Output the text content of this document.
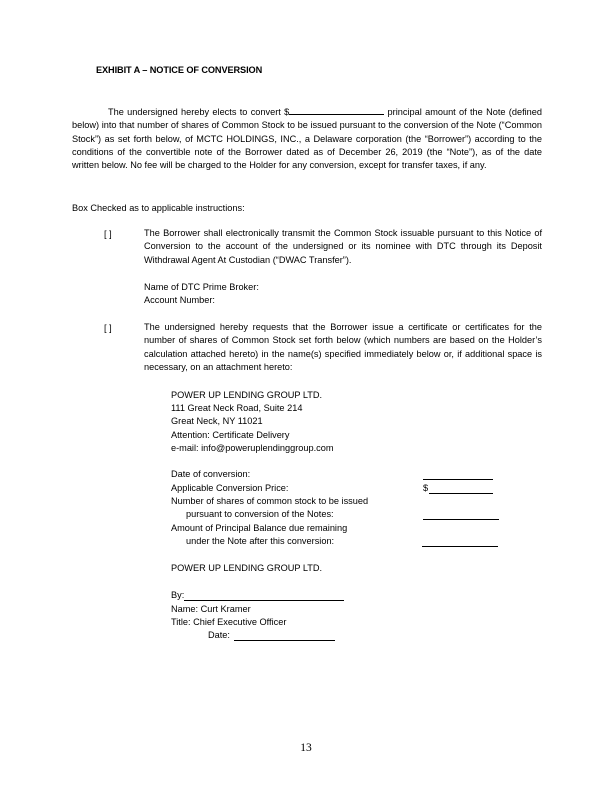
EXHIBIT A – NOTICE OF CONVERSION
The undersigned hereby elects to convert $	principal amount of the Note (defined below) into that number of shares of Common Stock to be issued pursuant to the conversion of the Note (“Common Stock”) as set forth below, of MCTC HOLDINGS, INC., a Delaware corporation (the “Borrower”) according to the conditions of the convertible note of the Borrower dated as of December 26, 2019 (the “Note”), as of the date written below. No fee will be charged to the Holder for any conversion, except for transfer taxes, if any.
Box Checked as to applicable instructions:
[ ]	The Borrower shall electronically transmit the Common Stock issuable pursuant to this Notice of Conversion to the account of the undersigned or its nominee with DTC through its Deposit Withdrawal Agent At Custodian (“DWAC Transfer”).
Name of DTC Prime Broker:
Account Number:
[ ]	The undersigned hereby requests that the Borrower issue a certificate or certificates for the number of shares of Common Stock set forth below (which numbers are based on the Holder’s calculation attached hereto) in the name(s) specified immediately below or, if additional space is necessary, on an attachment hereto:
POWER UP LENDING GROUP LTD.
111 Great Neck Road, Suite 214
Great Neck, NY 11021
Attention: Certificate Delivery
e-mail: info@poweruplendinggroup.com
Date of conversion:
Applicable Conversion Price:	$
Number of shares of common stock to be issued
pursuant to conversion of the Notes:
Amount of Principal Balance due remaining
under the Note after this conversion:
POWER UP LENDING GROUP LTD.
By:
Name: Curt Kramer
Title: Chief Executive Officer
Date:
13
